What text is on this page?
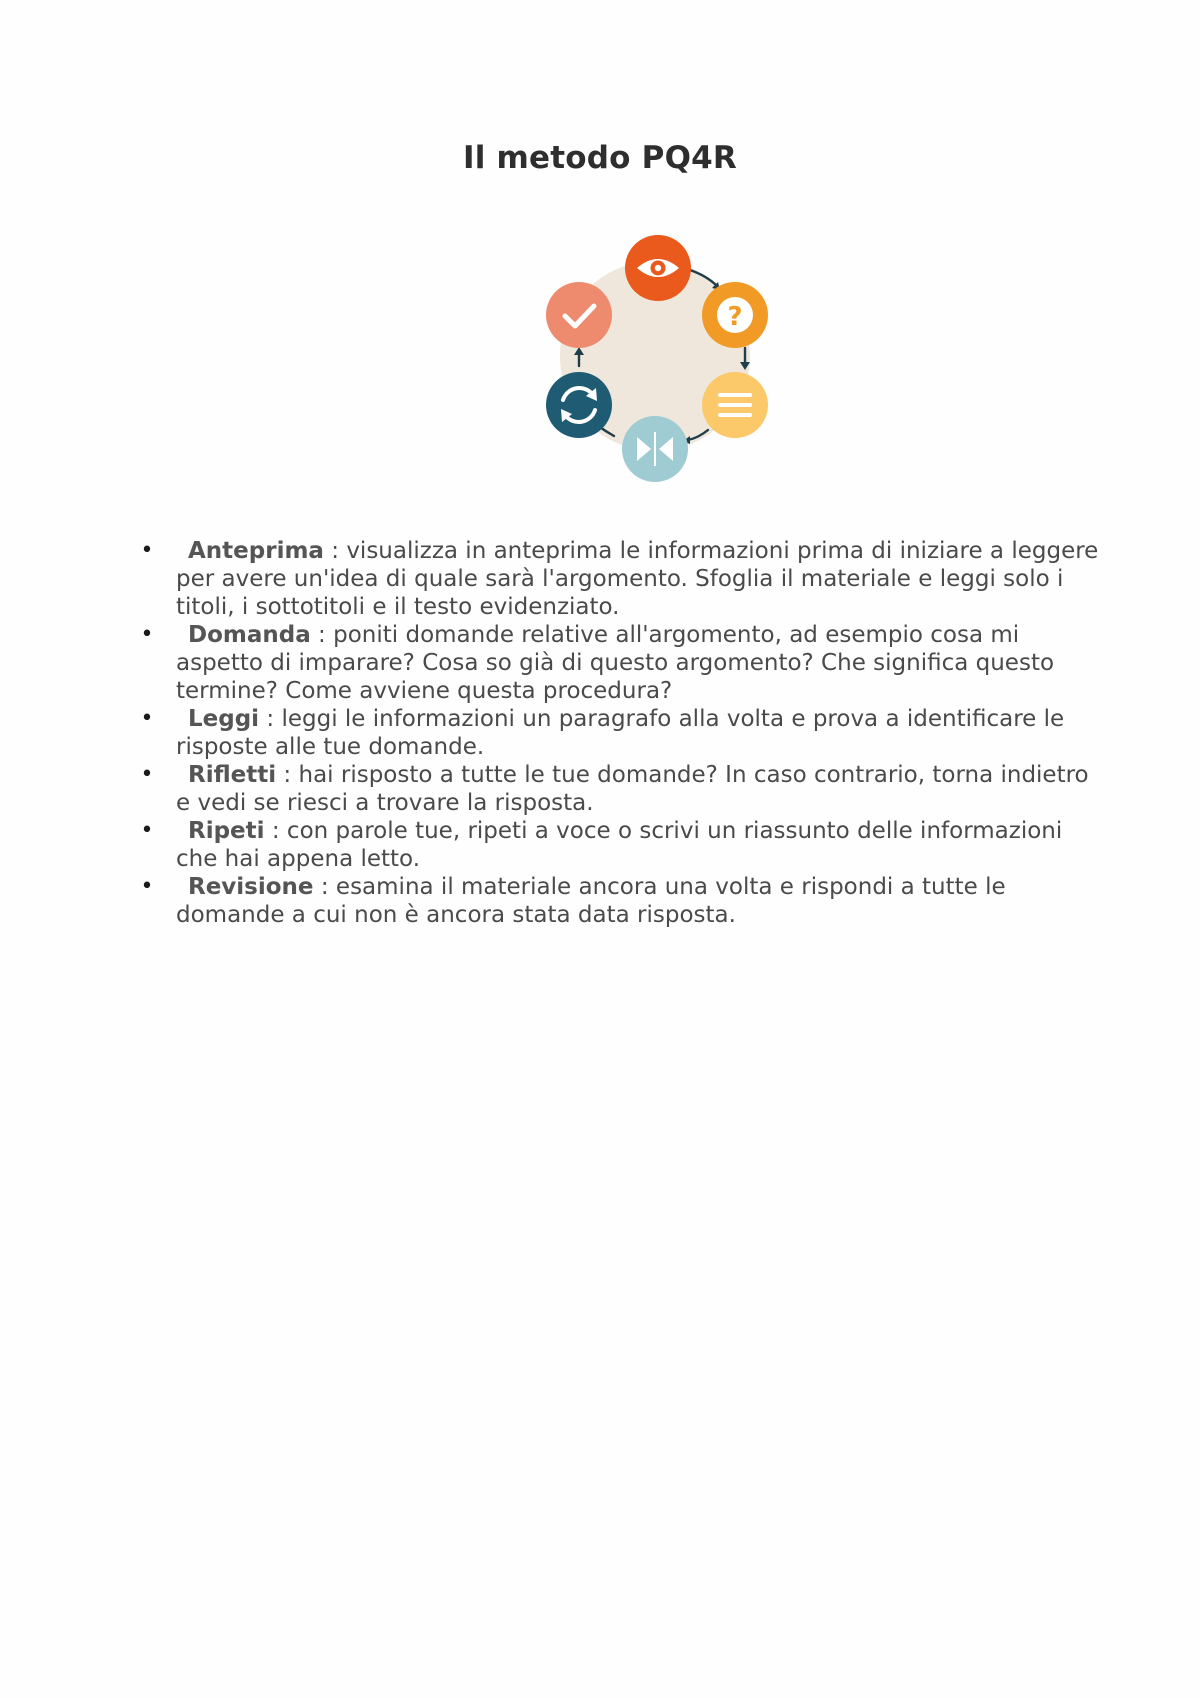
Il metodo PQ4R
?
• Anteprima : visualizza in anteprima le informazioni prima di iniziare a leggere per avere un'idea di quale sarà l'argomento. Sfoglia il materiale e leggi solo i titoli, i sottotitoli e il testo evidenziato.
• Domanda : poniti domande relative all'argomento, ad esempio cosa mi aspetto di imparare? Cosa so già di questo argomento? Che significa questo termine? Come avviene questa procedura?
• Leggi : leggi le informazioni un paragrafo alla volta e prova a identificare le risposte alle tue domande.
• Rifletti : hai risposto a tutte le tue domande? In caso contrario, torna indietro e vedi se riesci a trovare la risposta.
• Ripeti : con parole tue, ripeti a voce o scrivi un riassunto delle informazioni che hai appena letto.
• Revisione : esamina il materiale ancora una volta e rispondi a tutte le domande a cui non è ancora stata data risposta.
